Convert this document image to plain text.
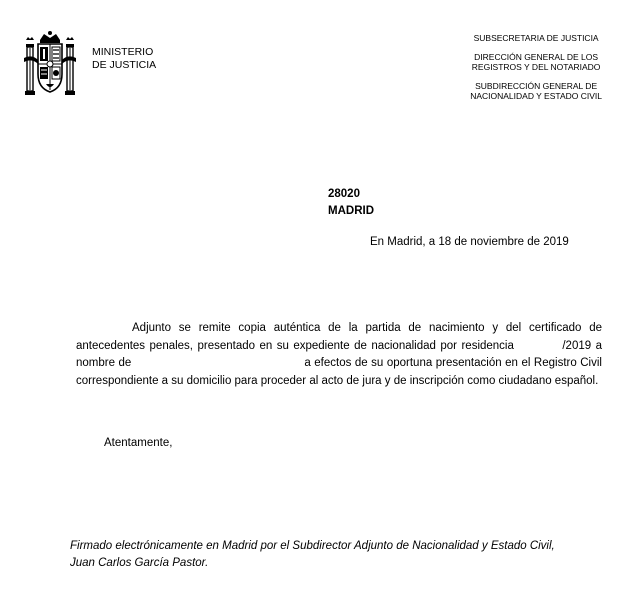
MINISTERIO
DE JUSTICIA
SUBSECRETARIA DE JUSTICIA
DIRECCIÓN GENERAL DE LOS
REGISTROS Y DEL NOTARIADO
SUBDIRECCIÓN GENERAL DE
NACIONALIDAD Y ESTADO CIVIL
28020
MADRID
En Madrid, a 18 de noviembre de 2019
Adjunto se remite copia auténtica de la partida de nacimiento y del certificado de antecedentes penales, presentado en su expediente de nacionalidad por residencia	/2019 a nombre de	a efectos de su oportuna presentación en el Registro Civil correspondiente a su domicilio para proceder al acto de jura y de inscripción como ciudadano español.
Atentamente,
Firmado electrónicamente en Madrid por el Subdirector Adjunto de Nacionalidad y Estado Civil,
Juan Carlos García Pastor.
